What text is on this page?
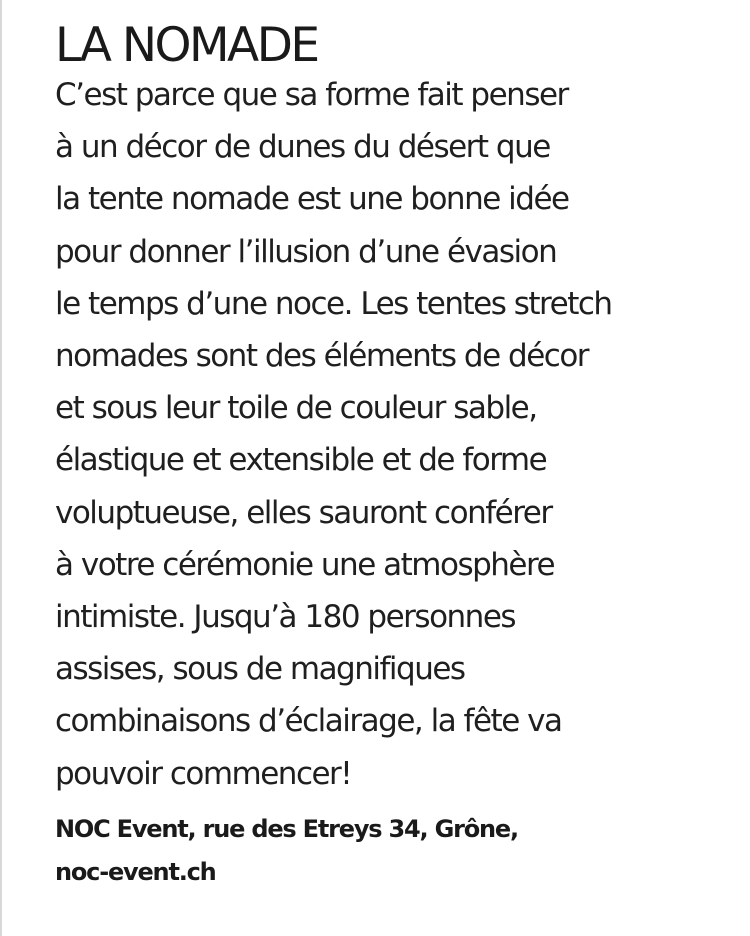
LA NOMADE
C’est parce que sa forme fait penser
à un décor de dunes du désert que
la tente nomade est une bonne idée
pour donner l’illusion d’une évasion
le temps d’une noce. Les tentes stretch
nomades sont des éléments de décor
et sous leur toile de couleur sable,
élastique et extensible et de forme
voluptueuse, elles sauront conférer
à votre cérémonie une atmosphère
intimiste. Jusqu’à 180 personnes
assises, sous de magnifiques
combinaisons d’éclairage, la fête va
pouvoir commencer!
NOC Event, rue des Etreys 34, Grône,
noc-event.ch
